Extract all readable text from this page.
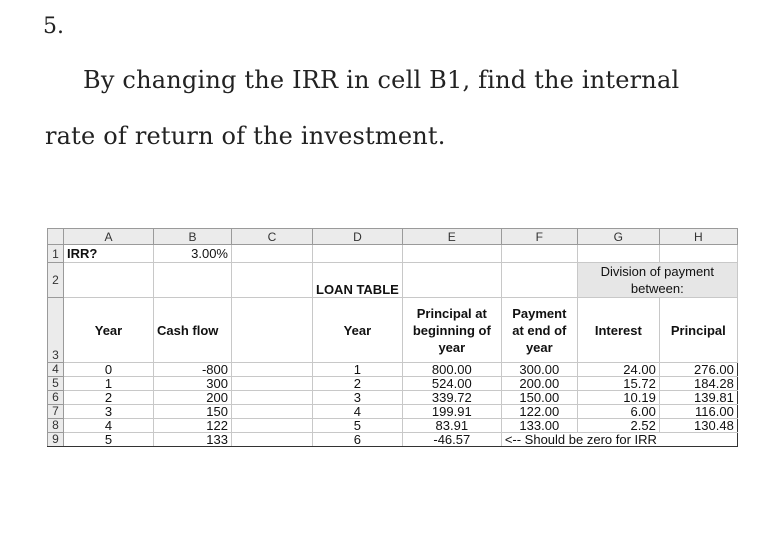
5.
By changing the IRR in cell B1, find the internal
rate of return of the investment.
	A	B	C	D	E	F	G	H
1	IRR?	3.00%						
2				LOAN TABLE			Division of payment between:	
3	Year	Cash flow		Year	Principal at beginning of year	Payment at end of year	Interest	Principal
4	0	-800		1	800.00	300.00	24.00	276.00
5	1	300		2	524.00	200.00	15.72	184.28
6	2	200		3	339.72	150.00	10.19	139.81
7	3	150		4	199.91	122.00	6.00	116.00
8	4	122		5	83.91	133.00	2.52	130.48
9	5	133		6	-46.57	<-- Should be zero for IRR		
